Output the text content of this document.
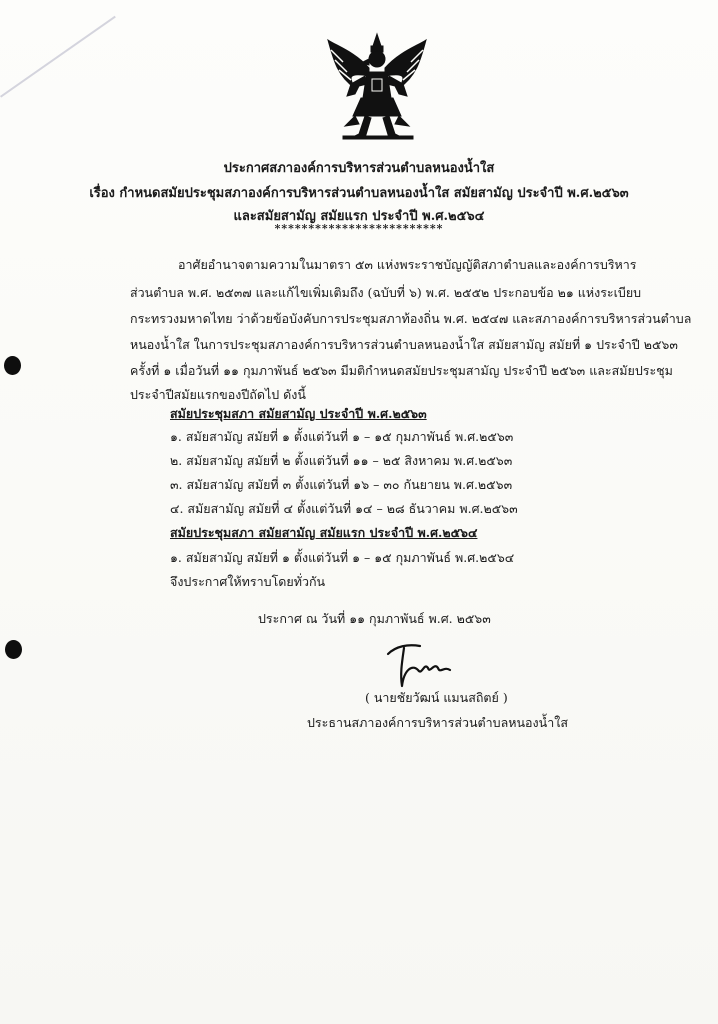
ประกาศสภาองค์การบริหารส่วนตำบลหนองน้ำใส
เรื่อง กำหนดสมัยประชุมสภาองค์การบริหารส่วนตำบลหนองน้ำใส สมัยสามัญ ประจำปี พ.ศ.๒๕๖๓
และสมัยสามัญ สมัยแรก ประจำปี พ.ศ.๒๕๖๔
*************************
อาศัยอำนาจตามความในมาตรา ๕๓ แห่งพระราชบัญญัติสภาตำบลและองค์การบริหาร
ส่วนตำบล พ.ศ. ๒๕๓๗ และแก้ไขเพิ่มเติมถึง (ฉบับที่ ๖) พ.ศ. ๒๕๕๒ ประกอบข้อ ๒๑ แห่งระเบียบ
กระทรวงมหาดไทย ว่าด้วยข้อบังคับการประชุมสภาท้องถิ่น พ.ศ. ๒๕๔๗ และสภาองค์การบริหารส่วนตำบล
หนองน้ำใส ในการประชุมสภาองค์การบริหารส่วนตำบลหนองน้ำใส สมัยสามัญ สมัยที่ ๑ ประจำปี ๒๕๖๓
ครั้งที่ ๑ เมื่อวันที่ ๑๑ กุมภาพันธ์ ๒๕๖๓ มีมติกำหนดสมัยประชุมสามัญ ประจำปี ๒๕๖๓ และสมัยประชุม
ประจำปีสมัยแรกของปีถัดไป ดังนี้
สมัยประชุมสภา สมัยสามัญ ประจำปี พ.ศ.๒๕๖๓
๑. สมัยสามัญ สมัยที่ ๑ ตั้งแต่วันที่ ๑ – ๑๕ กุมภาพันธ์ พ.ศ.๒๕๖๓
๒. สมัยสามัญ สมัยที่ ๒ ตั้งแต่วันที่ ๑๑ – ๒๕ สิงหาคม พ.ศ.๒๕๖๓
๓. สมัยสามัญ สมัยที่ ๓ ตั้งแต่วันที่ ๑๖ – ๓๐ กันยายน พ.ศ.๒๕๖๓
๔. สมัยสามัญ สมัยที่ ๔ ตั้งแต่วันที่ ๑๔ – ๒๘ ธันวาคม พ.ศ.๒๕๖๓
สมัยประชุมสภา สมัยสามัญ สมัยแรก ประจำปี พ.ศ.๒๕๖๔
๑. สมัยสามัญ สมัยที่ ๑ ตั้งแต่วันที่ ๑ – ๑๕ กุมภาพันธ์ พ.ศ.๒๕๖๔
จึงประกาศให้ทราบโดยทั่วกัน
ประกาศ ณ วันที่ ๑๑ กุมภาพันธ์ พ.ศ. ๒๕๖๓
( นายชัยวัฒน์ แมนสถิตย์ )
ประธานสภาองค์การบริหารส่วนตำบลหนองน้ำใส
